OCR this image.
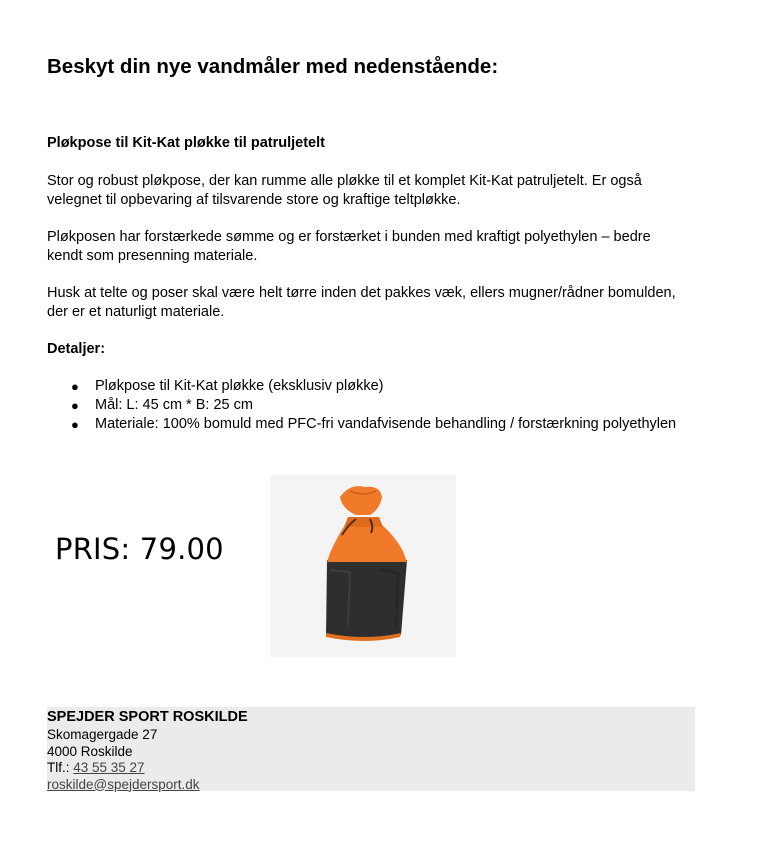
Beskyt din nye vandmåler med nedenstående:
Pløkpose til Kit-Kat pløkke til patruljetelt

Stor og robust pløkpose, der kan rumme alle pløkke til et komplet Kit-Kat patruljetelt. Er også velegnet til opbevaring af tilsvarende store og kraftige teltpløkke.

Pløkposen har forstærkede sømme og er forstærket i bunden med kraftigt polyethylen – bedre kendt som presenning materiale.

Husk at telte og poser skal være helt tørre inden det pakkes væk, ellers mugner/rådner bomulden, der er et naturligt materiale.

Detaljer:
● Pløkpose til Kit-Kat pløkke (eksklusiv pløkke)
● Mål: L: 45 cm * B: 25 cm
● Materiale: 100% bomuld med PFC-fri vandafvisende behandling / forstærkning polyethylen

PRIS: 79.00

SPEJDER SPORT ROSKILDE
Skomagergade 27
4000 Roskilde
Tlf.: 43 55 35 27
roskilde@spejdersport.dk
